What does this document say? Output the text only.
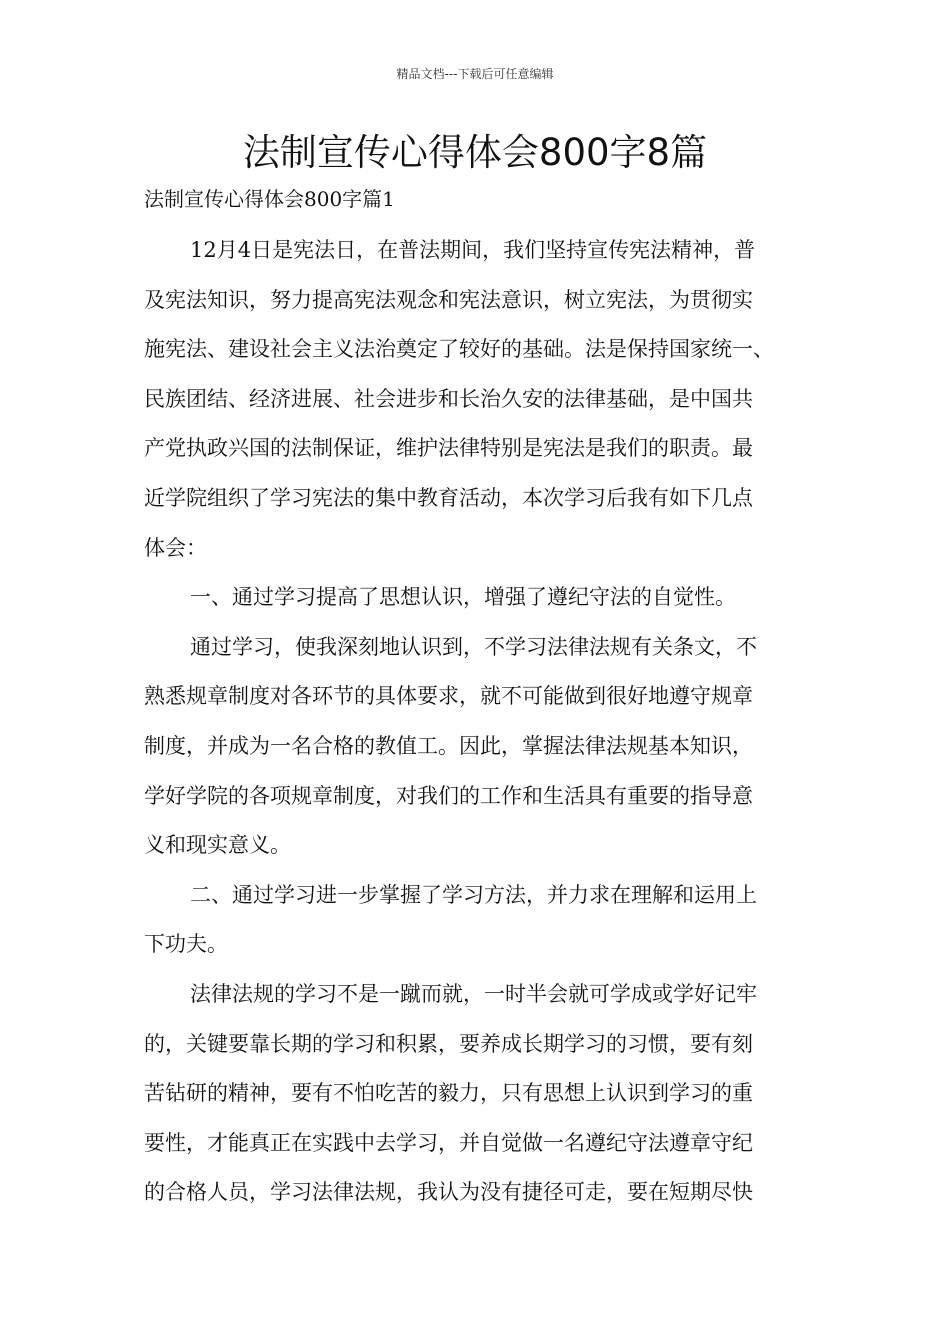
精品文档---下载后可任意编辑
法制宣传心得体会800字8篇
法制宣传心得体会800字篇1
12月4日是宪法日，在普法期间，我们坚持宣传宪法精神，普
及宪法知识，努力提高宪法观念和宪法意识，树立宪法，为贯彻实
施宪法、建设社会主义法治奠定了较好的基础。法是保持国家统一、
民族团结、经济进展、社会进步和长治久安的法律基础，是中国共
产党执政兴国的法制保证，维护法律特别是宪法是我们的职责。最
近学院组织了学习宪法的集中教育活动，本次学习后我有如下几点
体会：
一、通过学习提高了思想认识，增强了遵纪守法的自觉性。
通过学习，使我深刻地认识到，不学习法律法规有关条文，不
熟悉规章制度对各环节的具体要求，就不可能做到很好地遵守规章
制度，并成为一名合格的教值工。因此，掌握法律法规基本知识，
学好学院的各项规章制度，对我们的工作和生活具有重要的指导意
义和现实意义。
二、通过学习进一步掌握了学习方法，并力求在理解和运用上
下功夫。
法律法规的学习不是一蹴而就，一时半会就可学成或学好记牢
的，关键要靠长期的学习和积累，要养成长期学习的习惯，要有刻
苦钻研的精神，要有不怕吃苦的毅力，只有思想上认识到学习的重
要性，才能真正在实践中去学习，并自觉做一名遵纪守法遵章守纪
的合格人员，学习法律法规，我认为没有捷径可走，要在短期尽快
